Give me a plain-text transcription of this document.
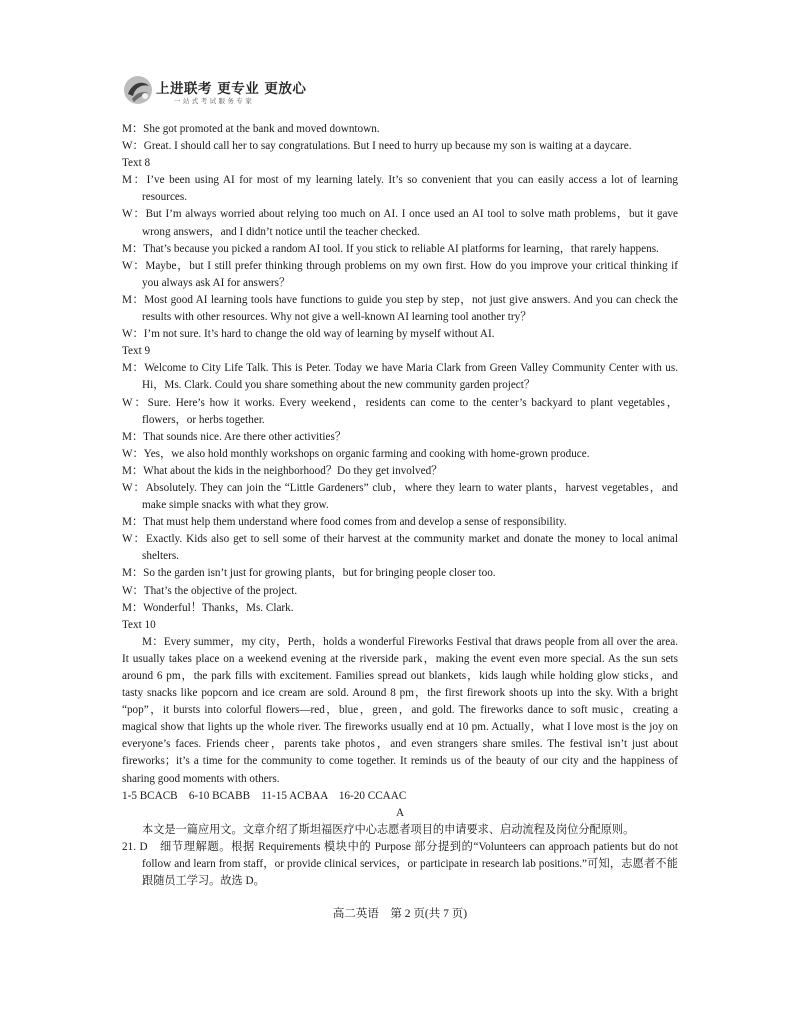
上进联考 更专业 更放心
一站式考试服务专家
M：She got promoted at the bank and moved downtown.
W：Great. I should call her to say congratulations. But I need to hurry up because my son is waiting at a daycare.
Text 8
M：I’ve been using AI for most of my learning lately. It’s so convenient that you can easily access a lot of learning resources.
W：But I’m always worried about relying too much on AI. I once used an AI tool to solve math problems，but it gave wrong answers，and I didn’t notice until the teacher checked.
M：That’s because you picked a random AI tool. If you stick to reliable AI platforms for learning，that rarely happens.
W：Maybe，but I still prefer thinking through problems on my own first. How do you improve your critical thinking if you always ask AI for answers？
M：Most good AI learning tools have functions to guide you step by step，not just give answers. And you can check the results with other resources. Why not give a well-known AI learning tool another try？
W：I’m not sure. It’s hard to change the old way of learning by myself without AI.
Text 9
M：Welcome to City Life Talk. This is Peter. Today we have Maria Clark from Green Valley Community Center with us. Hi，Ms. Clark. Could you share something about the new community garden project？
W：Sure. Here’s how it works. Every weekend，residents can come to the center’s backyard to plant vegetables，flowers，or herbs together.
M：That sounds nice. Are there other activities？
W：Yes，we also hold monthly workshops on organic farming and cooking with home-grown produce.
M：What about the kids in the neighborhood？Do they get involved？
W：Absolutely. They can join the “Little Gardeners” club，where they learn to water plants，harvest vegetables，and make simple snacks with what they grow.
M：That must help them understand where food comes from and develop a sense of responsibility.
W：Exactly. Kids also get to sell some of their harvest at the community market and donate the money to local animal shelters.
M：So the garden isn’t just for growing plants，but for bringing people closer too.
W：That’s the objective of the project.
M：Wonderful！Thanks，Ms. Clark.
Text 10
M：Every summer，my city，Perth，holds a wonderful Fireworks Festival that draws people from all over the area. It usually takes place on a weekend evening at the riverside park，making the event even more special. As the sun sets around 6 pm，the park fills with excitement. Families spread out blankets，kids laugh while holding glow sticks，and tasty snacks like popcorn and ice cream are sold. Around 8 pm，the first firework shoots up into the sky. With a bright “pop”，it bursts into colorful flowers—red，blue，green，and gold. The fireworks dance to soft music，creating a magical show that lights up the whole river. The fireworks usually end at 10 pm. Actually，what I love most is the joy on everyone’s faces. Friends cheer，parents take photos，and even strangers share smiles. The festival isn’t just about fireworks；it’s a time for the community to come together. It reminds us of the beauty of our city and the happiness of sharing good moments with others.
1-5 BCACB　6-10 BCABB　11-15 ACBAA　16-20 CCAAC
A
本文是一篇应用文。文章介绍了斯坦福医疗中心志愿者项目的申请要求、启动流程及岗位分配原则。
21. D　细节理解题。根据 Requirements 模块中的 Purpose 部分提到的“Volunteers can approach patients but do not follow and learn from staff，or provide clinical services，or participate in research lab positions.”可知，志愿者不能跟随员工学习。故选 D。
高二英语　第 2 页(共 7 页)
